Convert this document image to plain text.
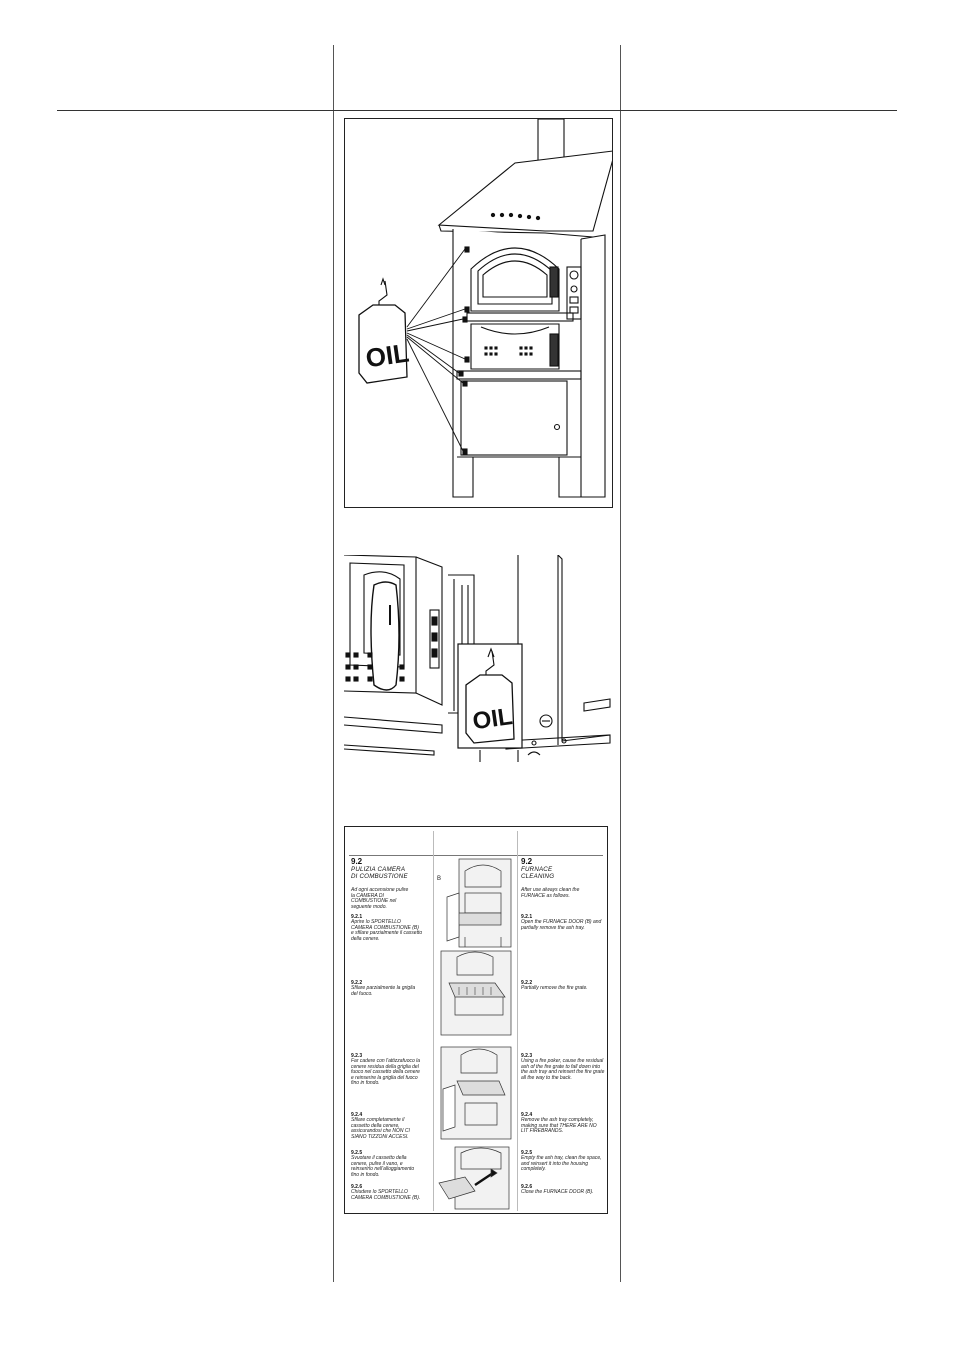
OIL
OIL
9.2
PULIZIA CAMERA
DI COMBUSTIONE
Ad ogni accensione pulire la CAMERA DI COMBUSTIONE nel seguente modo.
9.2.1
Aprire lo SPORTELLO CAMERA COMBUSTIONE (B) e sfilare parzialmente il cassetto della cenere.
9.2.2
Sfilare parzialmente la griglia del fuoco.
9.2.3
Far cadere con l'attizzafuoco la cenere residua della griglia del fuoco nel cassetto della cenere e reinserire la griglia del fuoco fino in fondo.
9.2.4
Sfilare completamente il cassetto della cenere, assicurandosi che NON CI SIANO TIZZONI ACCESI.
9.2.5
Svuotare il cassetto della cenere, pulire il vano, e reinserirlo nell'alloggiamento fino in fondo.
9.2.6
Chiudere lo SPORTELLO CAMERA COMBUSTIONE (B).
B
9.2
FURNACE
CLEANING
After use always clean the FURNACE as follows.
9.2.1
Open the FURNACE DOOR (B) and partially remove the ash tray.
9.2.2
Partially remove the fire grate.
9.2.3
Using a fire poker, cause the residual ash of the fire grate to fall down into the ash tray and reinsert the fire grate all the way to the back.
9.2.4
Remove the ash tray completely, making sure that THERE ARE NO LIT FIREBRANDS.
9.2.5
Empty the ash tray, clean the space, and reinsert it into the housing completely.
9.2.6
Close the FURNACE DOOR (B).
